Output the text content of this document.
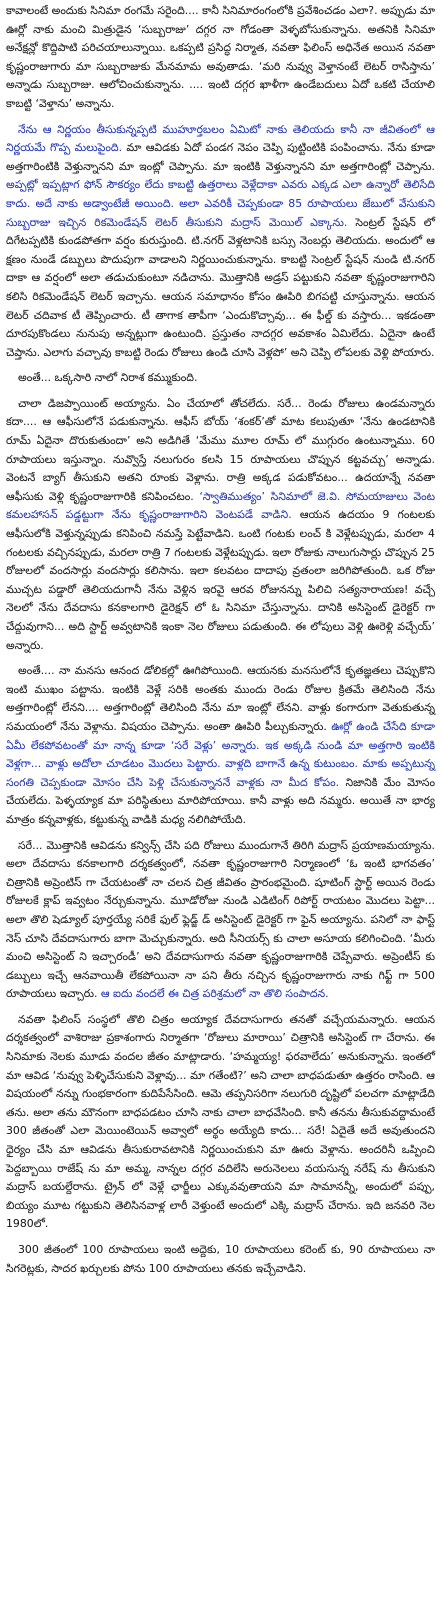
కావాలంటే అందుకు సినిమా రంగమే సరైంది.... కానీ సినిమారంగంలోకి ప్రవేశించడం ఎలా?. అప్పుడు మా ఊర్లో నాకు మంచి మిత్రుడైన ‘సుబ్బరాజు’ దగ్గర నా గోడంతా వెళ్ళబోసుకున్నాను. అతనికి సినిమా అనేక్షన్లో కొద్దిపాటి పరిచయాలున్నాయి. ఒకప్పటి ప్రసిద్ధ నిర్మాత, నవతా ఫిలింస్ అధినేత అయిన నవతా కృష్ణంరాజుగారు మా సుబ్బరాజుకు మేనమామ అవుతాడు. ‘మరి నువ్వు వెళ్తానంటే లెటర్ రాసిస్తాను’ అన్నాడు సుబ్బరాజు. ఆలోచించుకున్నాను. .... ఇంటి దగ్గర ఖాళీగా ఉండేబదులు ఏదో ఒకటి చేయాలి కాబట్టి ‘వెళ్తాను’ అన్నాను.

నేను ఆ నిర్ణయం తీసుకున్నప్పటి ముహూర్తబలం ఏమిటో నాకు తెలియదు కానీ నా జీవితంలో ఆ నిర్ణయమే గొప్ప మలుపైంది. మా ఆవిడకు ఏదో పండగ నెపం చెప్పి పుట్టింటికి పంపించాను. నేను కూడా అత్తగారింటికి వెళ్తున్నానని మా ఇంట్లో చెప్పాను. మా ఇంటికి వెళ్తున్నానని మా అత్తగారింట్లో చెప్పాను. అప్పట్లో ఇప్పట్లాగ ఫోన్ సౌకర్యం లేదు కాబట్టి ఉత్తరాలు వెళ్లేదాకా ఎవరు ఎక్కడ ఎలా ఉన్నారో తెలిసేది కాదు. అదే నాకు అడ్వాంటేజీ అయింది. అలా ఎవరికీ చెప్పకుండా 85 రూపాయలు జేబులో వేసుకుని సుబ్బరాజు ఇచ్చిన రికమెండేషన్ లెటర్ తీసుకుని మద్రాస్ మెయిల్ ఎక్కాను. సెంట్రల్ స్టేషన్ లో దిగేటప్పటికి కుండపోతగా వర్షం కురుస్తుంది. టి.నగర్ వెళ్లటానికి బస్సు నెంబర్లు తెలియదు. అందులో ఆ క్షణం నుండే డబ్బులు పొదుపుగా వాడాలని నిర్ణయించుకున్నాను. కాబట్టి సెంట్రల్ స్టేషన్ నుండి టి.నగర్ దాకా ఆ వర్షంలో అలా తడుచుకుంటూ నడిచాను. మొత్తానికి అడ్రస్ పట్టుకుని నవతా కృష్ణంరాజుగారిని కలిసి రికమెండేషన్ లెటర్ ఇచ్చాను. ఆయన సమాధానం కోసం ఊపిరి బిగపట్టి చూస్తున్నాను. ఆయన లెటర్ చదివాక టీ తెప్పించారు. టీ తాగాక తాపీగా ‘ఎందుకొచ్చావు... ఈ ఫీల్డ్ కు వస్తారు... ఇకడంతా దూరపుకొండలు నునుపు అన్నట్లుగా ఉంటుంది. ప్రస్తుతం నాదగ్గర అవకాశం ఏమిలేదు. ఏదైనా ఉంటే చెప్తాను. ఎలాగు వచ్చావు కాబట్టి రెండు రోజులు ఉండి చూసి వెళ్లపో’ అని చెప్పి లోపలకు వెళ్లి పోయారు.

అంతే... ఒక్కసారి నాలో నిరాశ కమ్ముకుంది.

చాలా డిజప్పాయింట్ అయ్యాను. ఏం చేయాలో తోచలేదు. సరే... రెండు రోజులు ఉండమన్నారు కదా.... ఆ ఆఫీసులోనే పడుకున్నాను. ఆఫీస్ బోయ్ ‘శంకర్’తో మాట కలుపుతూ ‘నేను ఉండటానికి రూమ్ ఏదైనా దొరుకుతుందా’ అని అడిగితే ‘మేము మూల రూమ్ లో ముగ్గురం ఉంటున్నాము. 60 రూపాయలు ఇస్తున్నాం. నువ్వొస్తే నలుగురం కలసి 15 రూపాయలు చొప్పున కట్టవచ్చు’ అన్నాడు. వెంటనే బ్యాగ్ తీసుకుని అతని రూంకు వెళ్లాను. రాత్రి అక్కడ పడుకోవటం... ఉదయాన్నే నవతా ఆఫీసుకు వెళ్లి కృష్ణంరాజుగారికి కనిపించటం. ‘స్వాతిముత్యం’ సినిమాలో జె.వి. సోమయాజులు వెంట కమలహాసన్ పడ్డట్టుగా నేను కృష్ణంరాజుగారిని వెంటపడే వాడిని. ఆయన ఉదయం 9 గంటలకు ఆఫీసులోకి వెళ్తున్నప్పుడు కనిపించి నమస్తే పెట్టేవాడిని. ఒంటి గంటకు లంచ్ కి వెళ్లేటప్పుడు, మరలా 4 గంటలకు వచ్చినప్పుడు, మరలా రాత్రి 7 గంటలకు వెళ్లేటప్పుడు. ఇలా రోజుకు నాలుగుసార్లు చొప్పున 25 రోజులలో వందసార్లు వందసార్లు కలిసాను. ఇలా కలవటం దాదాపు వ్రతంలా జరిగిపోతుంది. ఒక రోజు ముచ్చట పడ్డారో తెలియదుగానీ నేను వెళ్లిన ఇరవై ఆరవ రోజునన్ను పిలిచి సత్యనారాయణ! వచ్చే నెలలో నేను దేవదాసు కనకాలగారి డైరెక్షన్ లో ఓ సినిమా చేస్తున్నాను. దానికి అసిస్టెంట్ డైరెక్టర్ గా చేద్దువుగాని... అది స్టార్ట్ అవ్వటానికి ఇంకా నెల రోజులు పడుతుంది. ఈ లోపులు వెళ్లి ఊరెళ్లి వచ్చేయ్’ అన్నారు.

అంతే.... నా మనసు ఆనంద డోలికల్లో ఊగిపోయింది. ఆయనకు మనసులోనే కృతజ్ఞతలు చెప్పుకొని ఇంటి ముఖం పట్టాను. ఇంటికి వెళ్లే సరికి అంతకు ముందు రెండు రోజుల క్రితమే తెలిసింది నేను అత్తగారింట్లో లేనని.... అత్తగారింట్లో తెలిసింది నేను మా ఇంట్లో లేనని. వాళ్లు కంగారుగా వెతుకుతున్న సమయంలో నేను వెళ్లాను. విషయం చెప్పాను. అంతా ఊపిరి పీల్చుకున్నారు. ఊర్లో ఉండి చేసేది కూడా ఏమీ లేకపోవటంతో మా నాన్న కూడా ‘సరే వెళ్లు’ అన్నారు. ఇక అక్కడి నుండి మా అత్తగారి ఇంటికి వెళ్లగా... వాళ్లు అదోలా చూడటం మొదలు పెట్టారు. వాళ్లది బాగానే ఉన్న కుటుంబం. మాకు అప్పటున్న సంగతి చెప్పకుండా మోసం చేసి పెళ్లి చేసుకున్నాననే వాళ్లకు నా మీద కోపం. నిజానికి మేం మోసం చేయలేదు. పెళ్ళయ్యాక మా పరిస్థితులు మారిపోయాయి. కానీ వాళ్లు అది నమ్మరు. అయితే నా భార్య మాత్రం కన్నవాళ్లకు, కట్టుకున్న వాడికి మధ్య నలిగిపోయేది.

సరే... మొత్తానికి ఆవిడను కన్విన్స్ చేసి పది రోజులు ముందుగానే తిరిగి మద్రాస్ ప్రయాణమయ్యాను. అలా దేవదాసు కనకాలగారి దర్శకత్వంలో, నవతా కృష్ణంరాజుగారి నిర్మాణంలో ‘ఓ ఇంటి భాగవతం’ చిత్రానికి అప్రెంటిస్ గా చేయటంతో నా చలన చిత్ర జీవితం ప్రారంభమైంది. షూటింగ్ స్టార్ట్ అయిన రెండు రోజులకే క్లాప్ ఇవ్వటం నేర్చుకున్నాను. మూడోరోజు నుండి ఎడిటింగ్ రిపోర్ట్ రాయటం మొదలు పెట్టా... అలా తొలి షెడ్యూల్ పూర్తయ్యే సరికే ఫుల్ ఫ్లెడ్జ్ డ్ అసిస్టెంట్ డైరెక్టర్ గా ఫైన్ అయ్యాను. పనిలో నా ఫాస్ట్ నెస్ చూసి దేవదాసుగారు బాగా మెచ్చుకున్నారు. అది సీనియర్స్ కు చాలా అసూయ కలిగించింది. ‘మీరు మంచి అసిస్టెంట్ ని ఇచ్చారండీ’ అని దేవదాసుగారు నవతా కృష్ణంరాజుగారికి చెప్పేవారు. అప్రెంటీస్ కు డబ్బులు ఇచ్చే ఆనవాయితీ లేకపోయినా నా పని తీరు నచ్చిన కృష్ణంరాజుగారు నాకు గిఫ్ట్ గా 500 రూపాయలు ఇచ్చారు. ఆ ఐదు వందలే ఈ చిత్ర పరిశ్రమలో నా తొలి సంపాదన.

నవతా ఫిలింస్ సంస్థలో తొలి చిత్రం అయ్యాక దేవదాసుగారు తనతో వచ్చేయమన్నారు. ఆయన దర్శకత్వంలో వాశిరాజు ప్రకాశంగారు నిర్మాతగా ‘రోజులు మారాయి’ చిత్రానికి అసిస్టెంట్ గా చేరాను. ఈ సినిమాకు నెలకు మూడు వందల జీతం మాట్లాడారు. ‘హమ్మయ్య! ఫరవాలేదు’ అనుకున్నాను. ఇంతలో మా ఆవిడ ‘నువ్వు పెళ్ళిచేసుకుని వెళ్లావు... మా గతేంటి?’ అని చాలా బాధపడుతూ ఉత్తరం రాసింది. ఆ విషయంలో నన్ను గుంభకారంగా కుదిపేసేసింది. ఆమె తప్పనిసరిగా నలుగురి దృష్టిలో పలచగా మాట్లాడేది తను. అలా తను మౌనంగా బాధపడటం చూసి నాకు చాలా బాధవేసింది. కానీ తనను తీసుకువద్దామంటే 300 జీతంతో ఎలా మెయింటెయిన్ అవ్వాలో అర్థం అయ్యేది కాదు... సరే! ఏదైతే అదే అవుతుందని ధైర్యం చేసి మా ఆవిడను తీసుకురావటానికి నిర్ణయించుకుని మా ఊరు వెళ్లాను. అందరినీ ఒప్పించి పెద్దబ్బాయి రాజేష్ ను మా అమ్మ, నాన్నల దగ్గర వదిలేసి అరునెలలు వయసున్న నరేష్ ను తీసుకుని మద్రాస్ బయల్దేరాను. ట్రైన్ లో వెళ్లే ఛార్జీలు ఎక్కువవుతాయని మా సామానన్నీ, అందులో పప్పు, బియ్యం మూట గట్టుకుని తెలిసినవాళ్ల లారీ వెళ్తుంటే అందులో ఎక్కి మద్రాస్ చేరాను. ఇది జనవరి నెల 1980లో.

300 జీతంలో 100 రూపాయలు ఇంటి అద్దెకు, 10 రూపాయలు కరెంట్ కు, 90 రూపాయలు నా సిగరెట్లకు, సాదర ఖర్చులకు పోను 100 రూపాయలు తనకు ఇచ్చేవాడిని.
